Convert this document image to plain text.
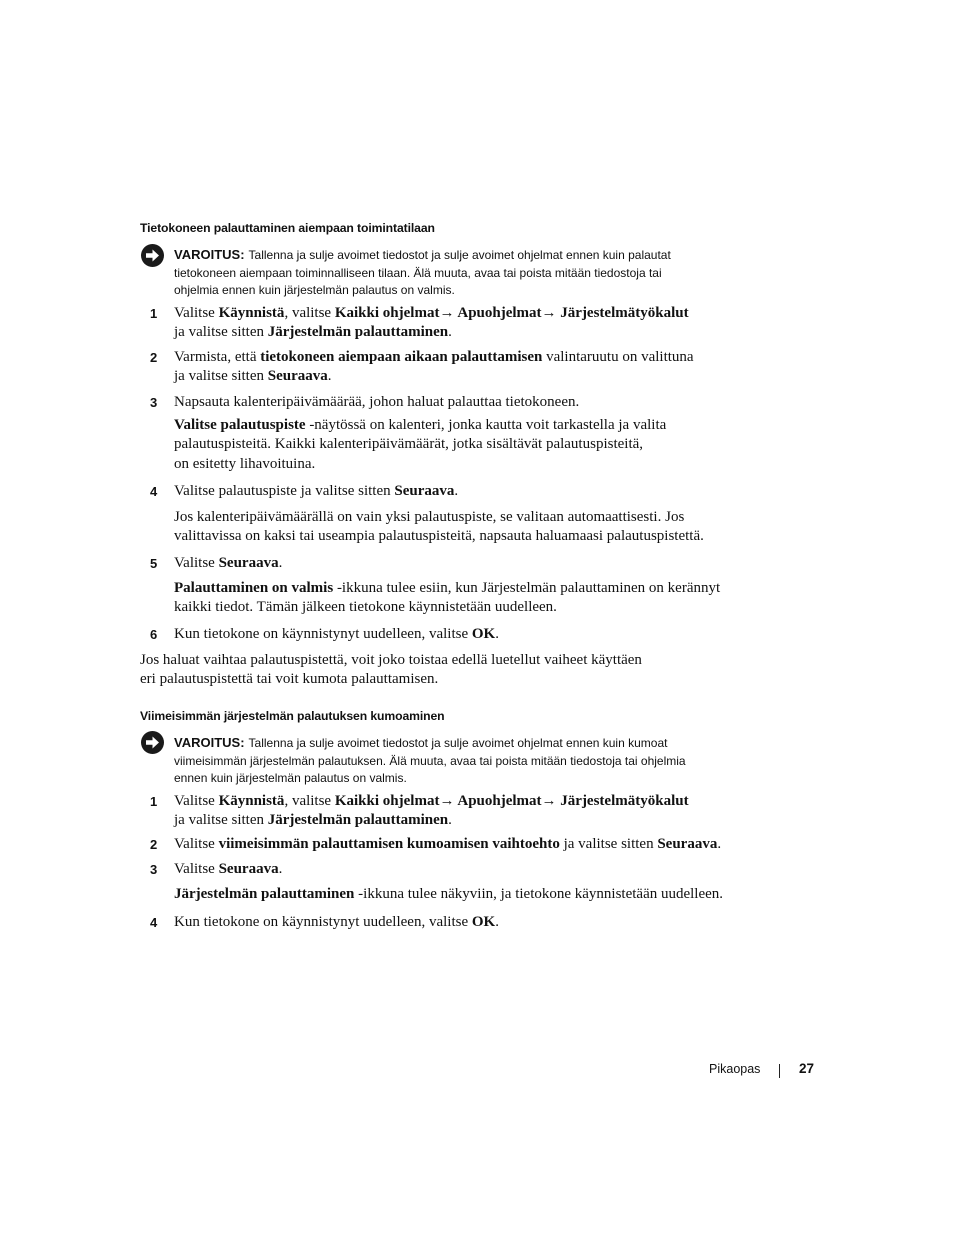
Tietokoneen palauttaminen aiempaan toimintatilaan
VAROITUS: Tallenna ja sulje avoimet tiedostot ja sulje avoimet ohjelmat ennen kuin palautat
tietokoneen aiempaan toiminnalliseen tilaan. Älä muuta, avaa tai poista mitään tiedostoja tai
ohjelmia ennen kuin järjestelmän palautus on valmis.
1 Valitse Käynnistä, valitse Kaikki ohjelmat→ Apuohjelmat→ Järjestelmätyökalut
ja valitse sitten Järjestelmän palauttaminen.
2 Varmista, että tietokoneen aiempaan aikaan palauttamisen valintaruutu on valittuna
ja valitse sitten Seuraava.
3 Napsauta kalenteripäivämäärää, johon haluat palauttaa tietokoneen.
Valitse palautuspiste -näytössä on kalenteri, jonka kautta voit tarkastella ja valita
palautuspisteitä. Kaikki kalenteripäivämäärät, jotka sisältävät palautuspisteitä,
on esitetty lihavoituina.
4 Valitse palautuspiste ja valitse sitten Seuraava.
Jos kalenteripäivämäärällä on vain yksi palautuspiste, se valitaan automaattisesti. Jos
valittavissa on kaksi tai useampia palautuspisteitä, napsauta haluamaasi palautuspistettä.
5 Valitse Seuraava.
Palauttaminen on valmis -ikkuna tulee esiin, kun Järjestelmän palauttaminen on kerännyt
kaikki tiedot. Tämän jälkeen tietokone käynnistetään uudelleen.
6 Kun tietokone on käynnistynyt uudelleen, valitse OK.
Jos haluat vaihtaa palautuspistettä, voit joko toistaa edellä luetellut vaiheet käyttäen
eri palautuspistettä tai voit kumota palauttamisen.
Viimeisimmän järjestelmän palautuksen kumoaminen
VAROITUS: Tallenna ja sulje avoimet tiedostot ja sulje avoimet ohjelmat ennen kuin kumoat
viimeisimmän järjestelmän palautuksen. Älä muuta, avaa tai poista mitään tiedostoja tai ohjelmia
ennen kuin järjestelmän palautus on valmis.
1 Valitse Käynnistä, valitse Kaikki ohjelmat→ Apuohjelmat→ Järjestelmätyökalut
ja valitse sitten Järjestelmän palauttaminen.
2 Valitse viimeisimmän palauttamisen kumoamisen vaihtoehto ja valitse sitten Seuraava.
3 Valitse Seuraava.
Järjestelmän palauttaminen -ikkuna tulee näkyviin, ja tietokone käynnistetään uudelleen.
4 Kun tietokone on käynnistynyt uudelleen, valitse OK.
Pikaopas	27
